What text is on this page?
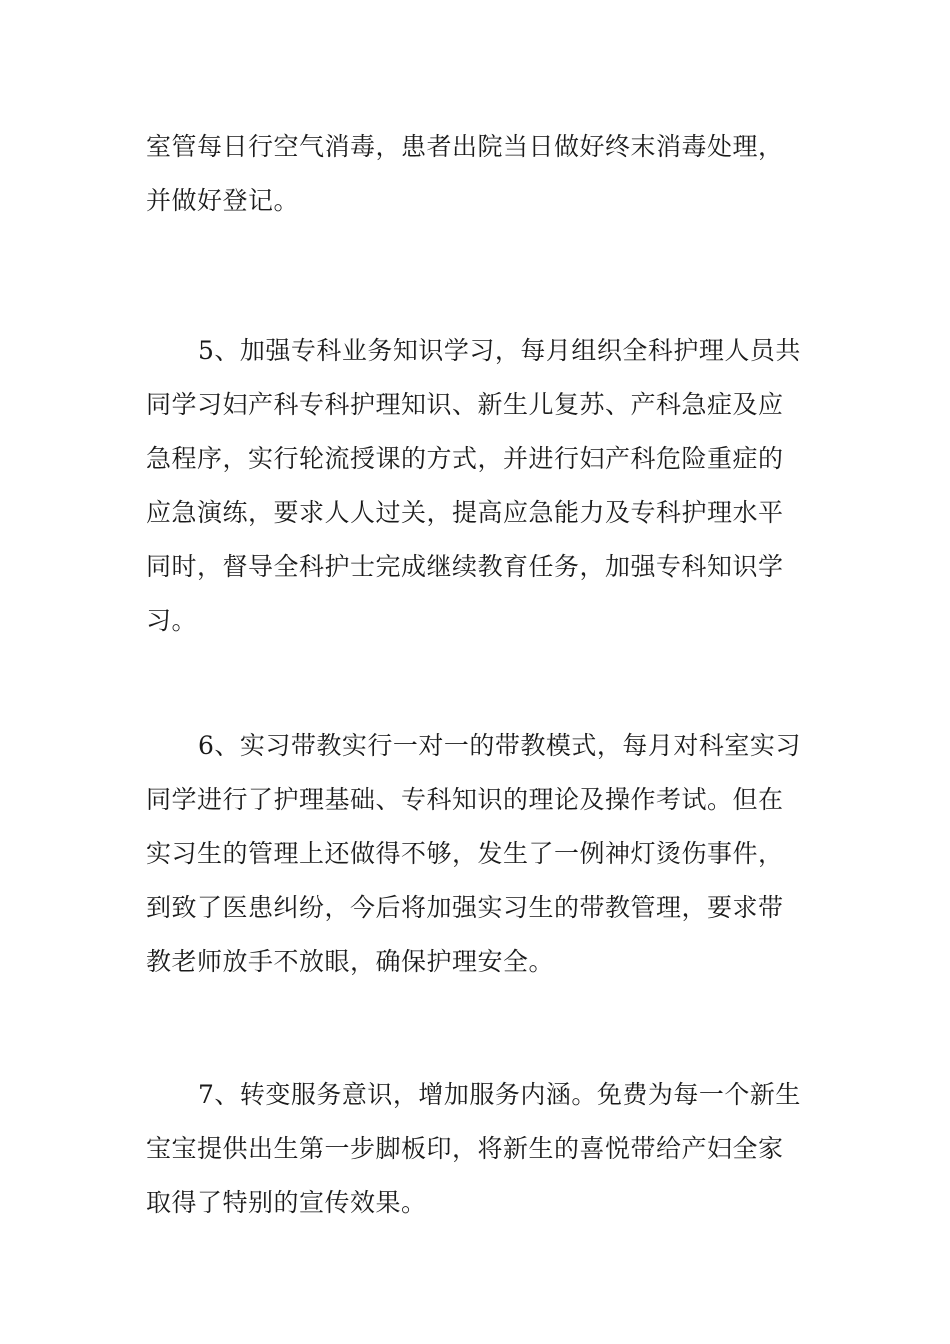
室管每日行空气消毒，患者出院当日做好终末消毒处理，
并做好登记。
5、加强专科业务知识学习，每月组织全科护理人员共
同学习妇产科专科护理知识、新生儿复苏、产科急症及应
急程序，实行轮流授课的方式，并进行妇产科危险重症的
应急演练，要求人人过关，提高应急能力及专科护理水平
同时，督导全科护士完成继续教育任务，加强专科知识学
习。
6、实习带教实行一对一的带教模式，每月对科室实习
同学进行了护理基础、专科知识的理论及操作考试。但在
实习生的管理上还做得不够，发生了一例神灯烫伤事件，
到致了医患纠纷，今后将加强实习生的带教管理，要求带
教老师放手不放眼，确保护理安全。
7、转变服务意识，增加服务内涵。免费为每一个新生
宝宝提供出生第一步脚板印，将新生的喜悦带给产妇全家
取得了特别的宣传效果。
